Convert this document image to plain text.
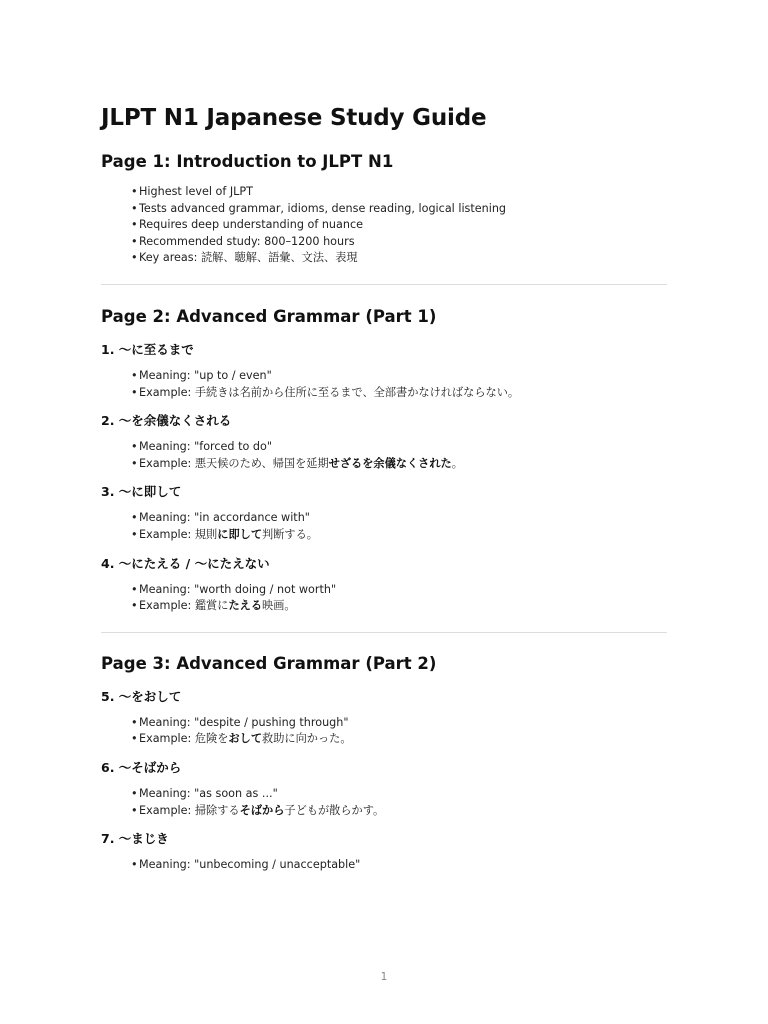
JLPT N1 Japanese Study Guide
Page 1: Introduction to JLPT N1
•Highest level of JLPT
•Tests advanced grammar, idioms, dense reading, logical listening
•Requires deep understanding of nuance
•Recommended study: 800–1200 hours
•Key areas: 読解、聴解、語彙、文法、表現
Page 2: Advanced Grammar (Part 1)
1. 〜に至るまで
•Meaning: "up to / even"
•Example: 手続きは名前から住所に至るまで、全部書かなければならない。
2. 〜を余儀なくされる
•Meaning: "forced to do"
•Example: 悪天候のため、帰国を延期せざるを余儀なくされた。
3. 〜に即して
•Meaning: "in accordance with"
•Example: 規則に即して判断する。
4. 〜にたえる / 〜にたえない
•Meaning: "worth doing / not worth"
•Example: 鑑賞にたえる映画。
Page 3: Advanced Grammar (Part 2)
5. 〜をおして
•Meaning: "despite / pushing through"
•Example: 危険をおして救助に向かった。
6. 〜そばから
•Meaning: "as soon as ..."
•Example: 掃除するそばから子どもが散らかす。
7. 〜まじき
•Meaning: "unbecoming / unacceptable"
1
